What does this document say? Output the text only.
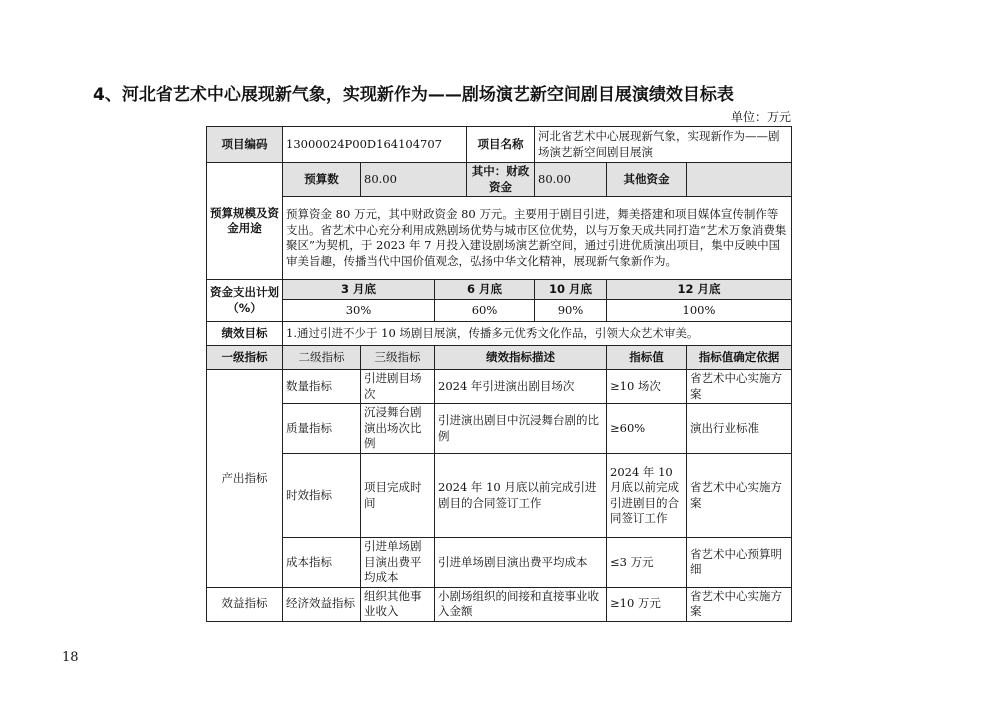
4、河北省艺术中心展现新气象，实现新作为——剧场演艺新空间剧目展演绩效目标表
单位：万元
项目编码	13000024P00D164104707			项目名称	河北省艺术中心展现新气象，实现新作为——剧场演艺新空间剧目展演		
预算规模及资金用途	预算数	80.00		其中：财政资金	80.00	其他资金	
	预算资金 80 万元，其中财政资金 80 万元。主要用于剧目引进，舞美搭建和项目媒体宣传制作等支出。省艺术中心充分利用成熟剧场优势与城市区位优势，以与万象天成共同打造“艺术万象消费集聚区”为契机，于 2023 年 7 月投入建设剧场演艺新空间，通过引进优质演出项目，集中反映中国审美旨趣，传播当代中国价值观念，弘扬中华文化精神，展现新气象新作为。						
资金支出计划（%）	3 月底		6 月底		10 月底	12 月底	
	30%		60%		90%	100%	
绩效目标	1.通过引进不少于 10 场剧目展演，传播多元优秀文化作品，引领大众艺术审美。						
一级指标	二级指标	三级指标	绩效指标描述			指标值	指标值确定依据
产出指标	数量指标	引进剧目场次	2024 年引进演出剧目场次			≥10 场次	省艺术中心实施方案
	质量指标	沉浸舞台剧演出场次比例	引进演出剧目中沉浸舞台剧的比例			≥60%	演出行业标准
	时效指标	项目完成时间	2024 年 10 月底以前完成引进剧目的合同签订工作			2024 年 10 月底以前完成引进剧目的合同签订工作	省艺术中心实施方案
	成本指标	引进单场剧目演出费平均成本	引进单场剧目演出费平均成本			≤3 万元	省艺术中心预算明细
效益指标	经济效益指标	组织其他事业收入	小剧场组织的间接和直接事业收入金额			≥10 万元	省艺术中心实施方案
18
